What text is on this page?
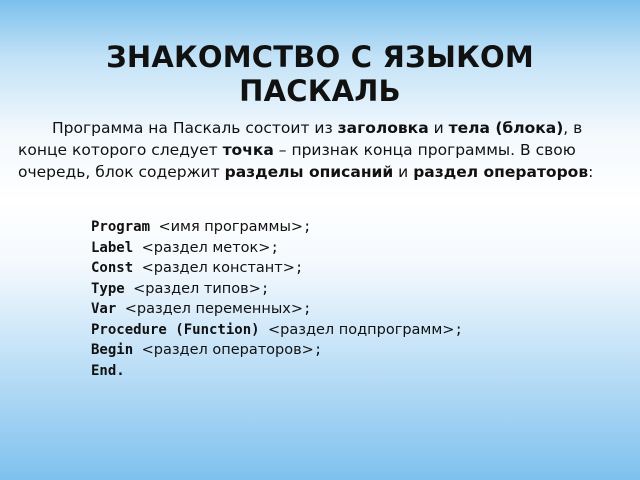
ЗНАКОМСТВО С ЯЗЫКОМ
ПАСКАЛЬ

Программа на Паскаль состоит из заголовка и тела (блока), в конце которого следует точка – признак конца программы. В свою очередь, блок содержит разделы описаний и раздел операторов:

Program <имя программы>;
Label <раздел меток>;
Const <раздел констант>;
Type <раздел типов>;
Var <раздел переменных>;
Procedure (Function) <раздел подпрограмм>;
Begin <раздел операторов>;
End.
